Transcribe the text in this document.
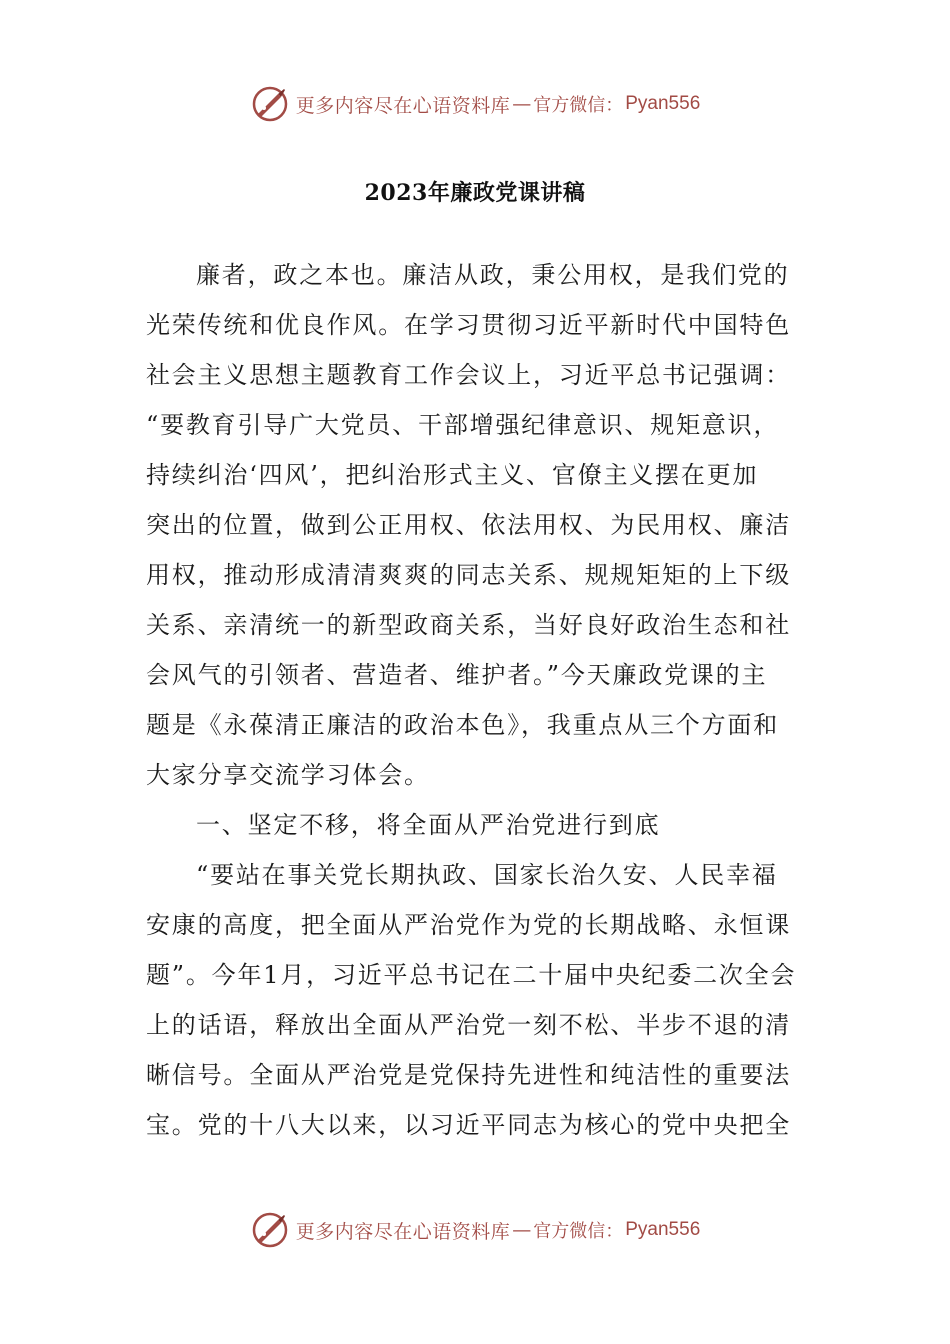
更多内容尽在心语资料库 — 官方微信： Pyan556
2023年廉政党课讲稿
廉者，政之本也。廉洁从政，秉公用权，是我们党的
光荣传统和优良作风。在学习贯彻习近平新时代中国特色
社会主义思想主题教育工作会议上，习近平总书记强调：
“要教育引导广大党员、干部增强纪律意识、规矩意识，
持续纠治‘四风’，把纠治形式主义、官僚主义摆在更加
突出的位置，做到公正用权、依法用权、为民用权、廉洁
用权，推动形成清清爽爽的同志关系、规规矩矩的上下级
关系、亲清统一的新型政商关系，当好良好政治生态和社
会风气的引领者、营造者、维护者。”今天廉政党课的主
题是《永葆清正廉洁的政治本色》，我重点从三个方面和
大家分享交流学习体会。
一、坚定不移，将全面从严治党进行到底
“要站在事关党长期执政、国家长治久安、人民幸福
安康的高度，把全面从严治党作为党的长期战略、永恒课
题”。今年1月，习近平总书记在二十届中央纪委二次全会
上的话语，释放出全面从严治党一刻不松、半步不退的清
晰信号。全面从严治党是党保持先进性和纯洁性的重要法
宝。党的十八大以来，以习近平同志为核心的党中央把全
更多内容尽在心语资料库 — 官方微信： Pyan556
